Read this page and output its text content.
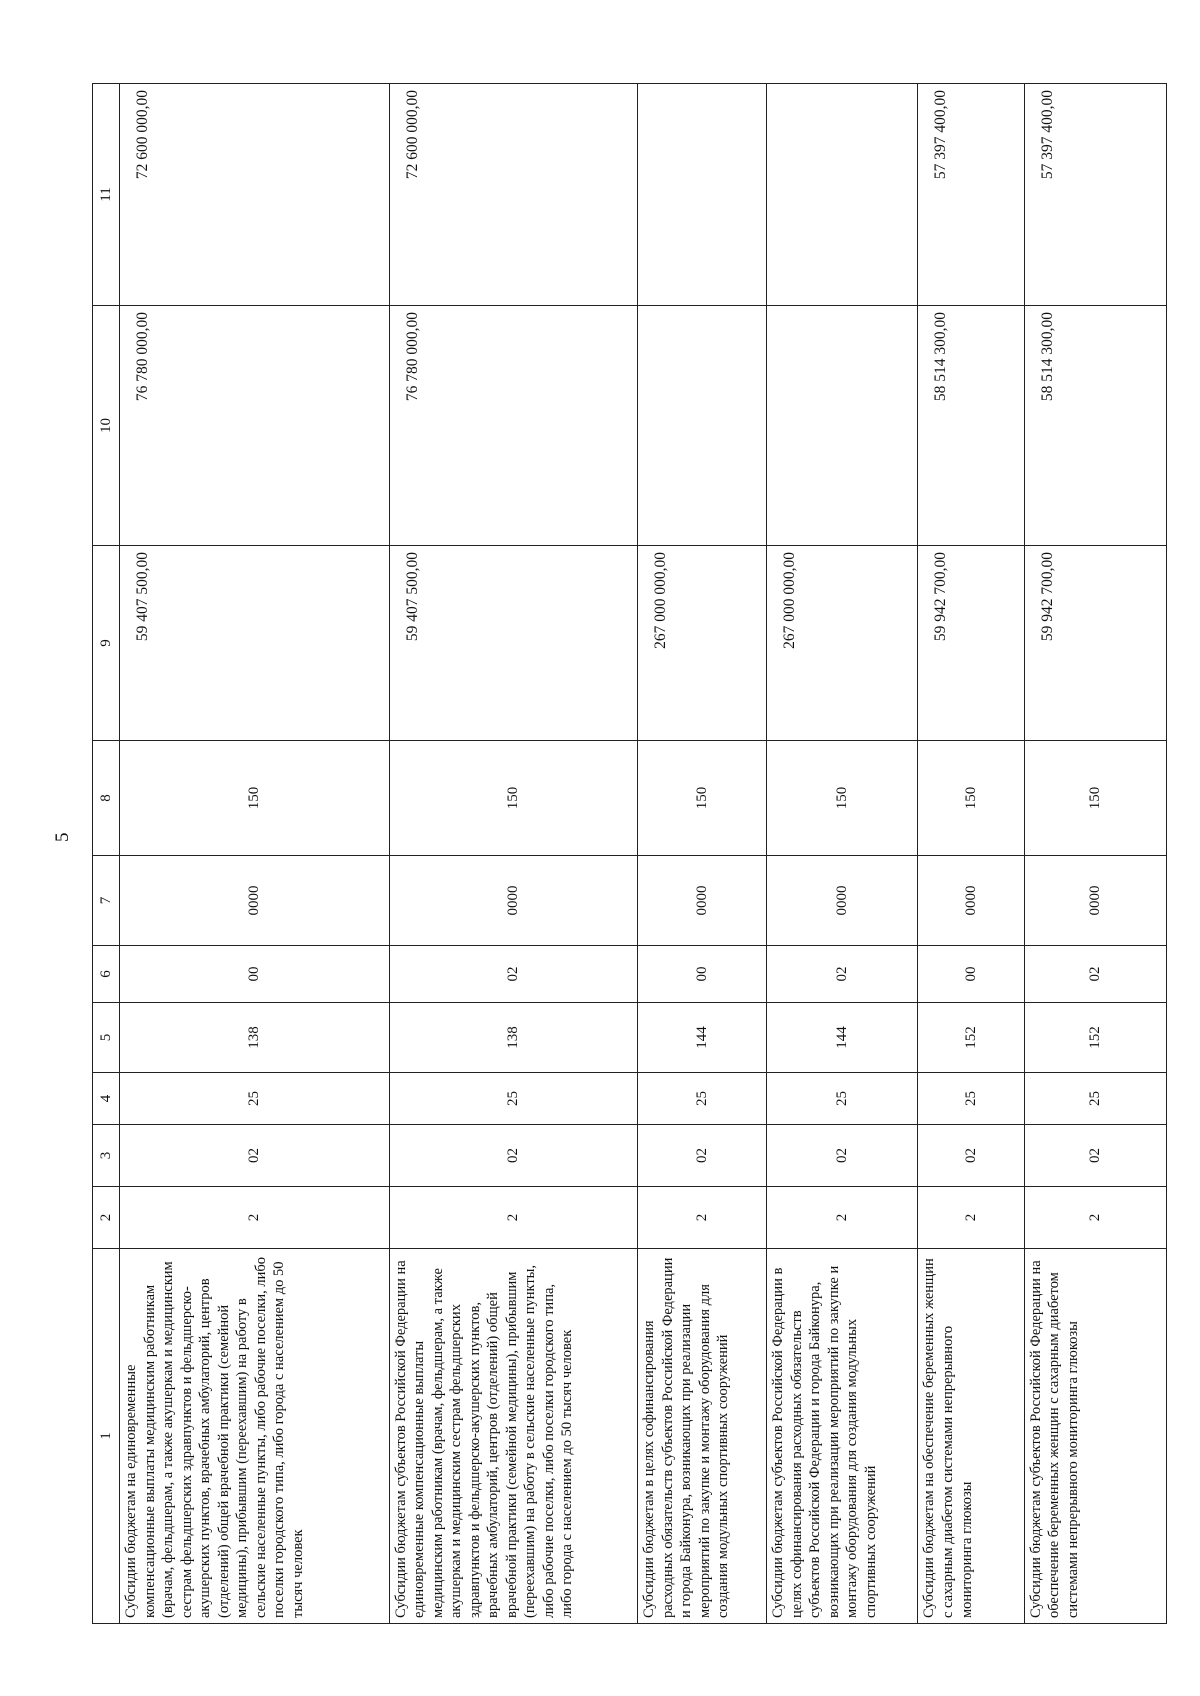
5
1	2	3	4	5	6	7	8	9	10	11
Субсидии бюджетам на единовременные компенсационные выплаты медицинским работникам (врачам, фельдшерам, а также акушеркам и медицинским сестрам фельдшерских здравпунктов и фельдшерско-акушерских пунктов, врачебных амбулаторий, центров (отделений) общей врачебной практики (семейной медицины), прибывшим (переехавшим) на работу в сельские населенные пункты, либо рабочие поселки, либо поселки городского типа, либо города с населением до 50 тысяч человек	2	02	25	138	00	0000	150	59 407 500,00	76 780 000,00	72 600 000,00
Субсидии бюджетам субъектов Российской Федерации на единовременные компенсационные выплаты медицинским работникам (врачам, фельдшерам, а также акушеркам и медицинским сестрам фельдшерских здравпунктов и фельдшерско-акушерских пунктов, врачебных амбулаторий, центров (отделений) общей врачебной практики (семейной медицины), прибывшим (переехавшим) на работу в сельские населенные пункты, либо рабочие поселки, либо поселки городского типа, либо города с населением до 50 тысяч человек	2	02	25	138	02	0000	150	59 407 500,00	76 780 000,00	72 600 000,00
Субсидии бюджетам в целях софинансирования расходных обязательств субъектов Российской Федерации и города Байконура, возникающих при реализации мероприятий по закупке и монтажу оборудования для создания модульных спортивных сооружений	2	02	25	144	00	0000	150	267 000 000,00		
Субсидии бюджетам субъектов Российской Федерации в целях софинансирования расходных обязательств субъектов Российской Федерации и города Байконура, возникающих при реализации мероприятий по закупке и монтажу оборудования для создания модульных спортивных сооружений	2	02	25	144	02	0000	150	267 000 000,00		
Субсидии бюджетам на обеспечение беременных женщин с сахарным диабетом системами непрерывного мониторинга глюкозы	2	02	25	152	00	0000	150	59 942 700,00	58 514 300,00	57 397 400,00
Субсидии бюджетам субъектов Российской Федерации на обеспечение беременных женщин с сахарным диабетом системами непрерывного мониторинга глюкозы	2	02	25	152	02	0000	150	59 942 700,00	58 514 300,00	57 397 400,00
